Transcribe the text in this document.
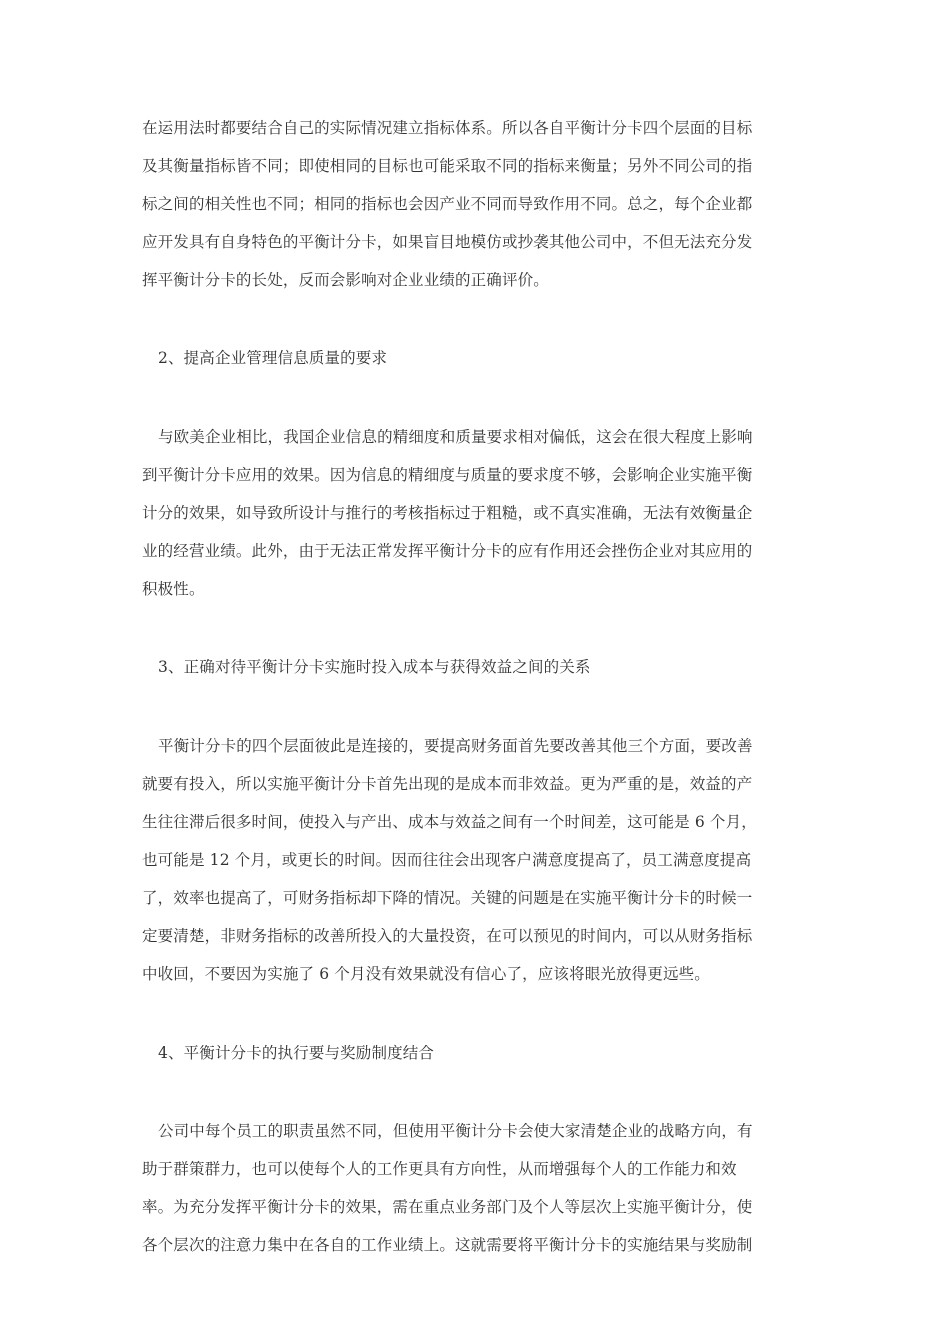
在运用法时都要结合自己的实际情况建立指标体系。所以各自平衡计分卡四个层面的目标
及其衡量指标皆不同；即使相同的目标也可能采取不同的指标来衡量；另外不同公司的指
标之间的相关性也不同；相同的指标也会因产业不同而导致作用不同。总之，每个企业都
应开发具有自身特色的平衡计分卡，如果盲目地模仿或抄袭其他公司中，不但无法充分发
挥平衡计分卡的长处，反而会影响对企业业绩的正确评价。
2、提高企业管理信息质量的要求
与欧美企业相比，我国企业信息的精细度和质量要求相对偏低，这会在很大程度上影响
到平衡计分卡应用的效果。因为信息的精细度与质量的要求度不够，会影响企业实施平衡
计分的效果，如导致所设计与推行的考核指标过于粗糙，或不真实准确，无法有效衡量企
业的经营业绩。此外，由于无法正常发挥平衡计分卡的应有作用还会挫伤企业对其应用的
积极性。
3、正确对待平衡计分卡实施时投入成本与获得效益之间的关系
平衡计分卡的四个层面彼此是连接的，要提高财务面首先要改善其他三个方面，要改善
就要有投入，所以实施平衡计分卡首先出现的是成本而非效益。更为严重的是，效益的产
生往往滞后很多时间，使投入与产出、成本与效益之间有一个时间差，这可能是 6 个月，
也可能是 12 个月，或更长的时间。因而往往会出现客户满意度提高了，员工满意度提高
了，效率也提高了，可财务指标却下降的情况。关键的问题是在实施平衡计分卡的时候一
定要清楚，非财务指标的改善所投入的大量投资，在可以预见的时间内，可以从财务指标
中收回，不要因为实施了 6 个月没有效果就没有信心了，应该将眼光放得更远些。
4、平衡计分卡的执行要与奖励制度结合
公司中每个员工的职责虽然不同，但使用平衡计分卡会使大家清楚企业的战略方向，有
助于群策群力，也可以使每个人的工作更具有方向性，从而增强每个人的工作能力和效
率。为充分发挥平衡计分卡的效果，需在重点业务部门及个人等层次上实施平衡计分，使
各个层次的注意力集中在各自的工作业绩上。这就需要将平衡计分卡的实施结果与奖励制
